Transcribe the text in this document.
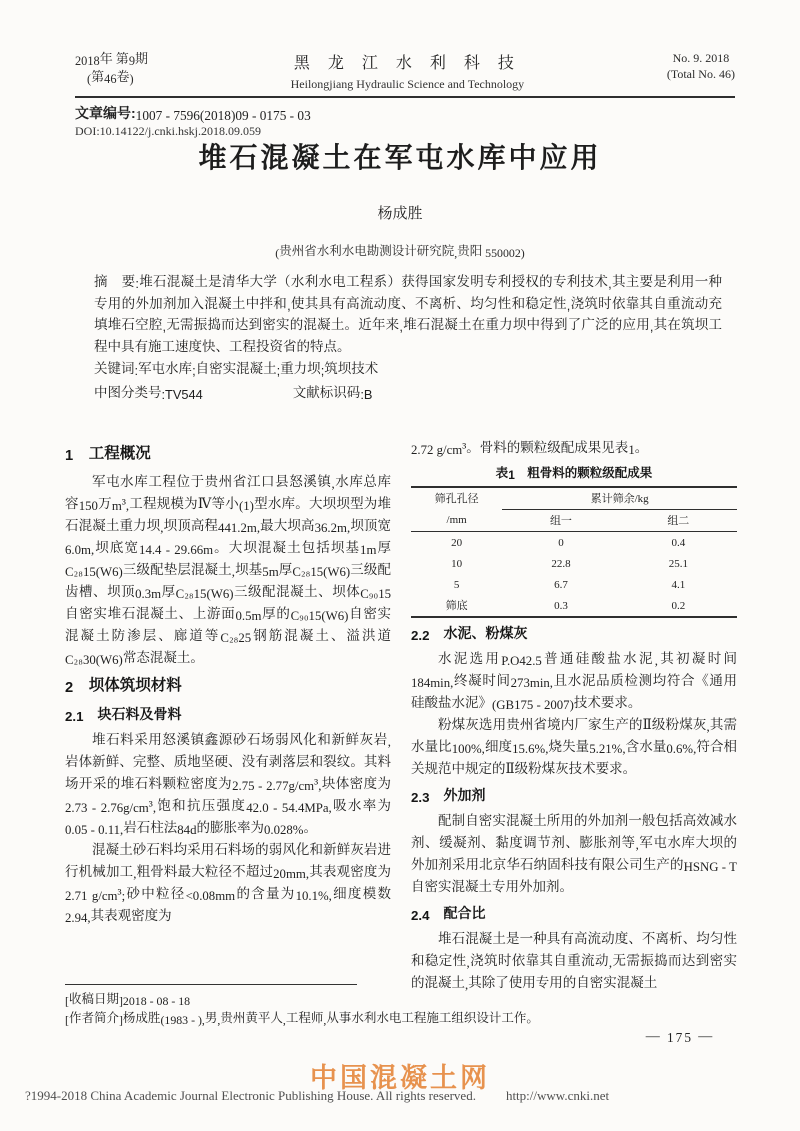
2018年 第9期
(第46卷)
黑 龙 江 水 利 科 技
Heilongjiang Hydraulic Science and Technology
No. 9. 2018
(Total No. 46)
文章编号:1007 - 7596(2018)09 - 0175 - 03
DOI:10.14122/j.cnki.hskj.2018.09.059
堆石混凝土在军屯水库中应用
杨成胜
(贵州省水利水电勘测设计研究院,贵阳 550002)
摘　要:堆石混凝土是清华大学（水利水电工程系）获得国家发明专利授权的专利技术,其主要是利用一种专用的外加剂加入混凝土中拌和,使其具有高流动度、不离析、均匀性和稳定性,浇筑时依靠其自重流动充填堆石空腔,无需振捣而达到密实的混凝土。近年来,堆石混凝土在重力坝中得到了广泛的应用,其在筑坝工程中具有施工速度快、工程投资省的特点。
关键词:军屯水库;自密实混凝土;重力坝;筑坝技术
中图分类号:TV544	文献标识码:B
1　工程概况

军屯水库工程位于贵州省江口县怒溪镇,水库总库容150万m³,工程规模为Ⅳ等小(1)型水库。大坝坝型为堆石混凝土重力坝,坝顶高程441.2m,最大坝高36.2m,坝顶宽6.0m,坝底宽14.4 - 29.66m。大坝混凝土包括坝基1m厚C₂₈15(W6)三级配垫层混凝土,坝基5m厚C₂₈15(W6)三级配齿槽、坝顶0.3m厚C₂₈15(W6)三级配混凝土、坝体C₉₀15自密实堆石混凝土、上游面0.5m厚的C₉₀15(W6)自密实混凝土防渗层、廊道等C₂₈25钢筋混凝土、溢洪道C₂₈30(W6)常态混凝土。

2　坝体筑坝材料
2.1　块石料及骨料

堆石料采用怒溪镇鑫源砂石场弱风化和新鲜灰岩,岩体新鲜、完整、质地坚硬、没有剥落层和裂纹。其料场开采的堆石料颗粒密度为2.75 - 2.77g/cm³,块体密度为2.73 - 2.76g/cm³,饱和抗压强度42.0 - 54.4MPa,吸水率为0.05 - 0.11,岩石柱法84d的膨胀率为0.028%。

混凝土砂石料均采用石料场的弱风化和新鲜灰岩进行机械加工,粗骨料最大粒径不超过20mm,其表观密度为2.71 g/cm³;砂中粒径<0.08mm的含量为10.1%,细度模数2.94,其表观密度为

2.72 g/cm³。骨料的颗粒级配成果见表1。

表1　粗骨料的颗粒级配成果
筛孔孔径	累计筛余/kg	
/mm	组一	组二
20	0	0.4
10	22.8	25.1
5	6.7	4.1
筛底	0.3	0.2
2.2　水泥、粉煤灰

水泥选用P.O42.5普通硅酸盐水泥,其初凝时间184min,终凝时间273min,且水泥品质检测均符合《通用硅酸盐水泥》(GB175 - 2007)技术要求。

粉煤灰选用贵州省境内厂家生产的Ⅱ级粉煤灰,其需水量比100%,细度15.6%,烧失量5.21%,含水量0.6%,符合相关规范中规定的Ⅱ级粉煤灰技术要求。

2.3　外加剂

配制自密实混凝土所用的外加剂一般包括高效减水剂、缓凝剂、黏度调节剂、膨胀剂等,军屯水库大坝的外加剂采用北京华石纳固科技有限公司生产的HSNG - T自密实混凝土专用外加剂。

2.4　配合比

堆石混凝土是一种具有高流动度、不离析、均匀性和稳定性,浇筑时依靠其自重流动,无需振捣而达到密实的混凝土,其除了使用专用的自密实混凝土

[收稿日期]2018 - 08 - 18
[作者简介]杨成胜(1983 - ),男,贵州黄平人,工程师,从事水利水电工程施工组织设计工作。
— 175 —
?1994-2018 China Academic Journal Electronic Publishing House. All rights reserved. http://www.cnki.net
中国混凝土网
